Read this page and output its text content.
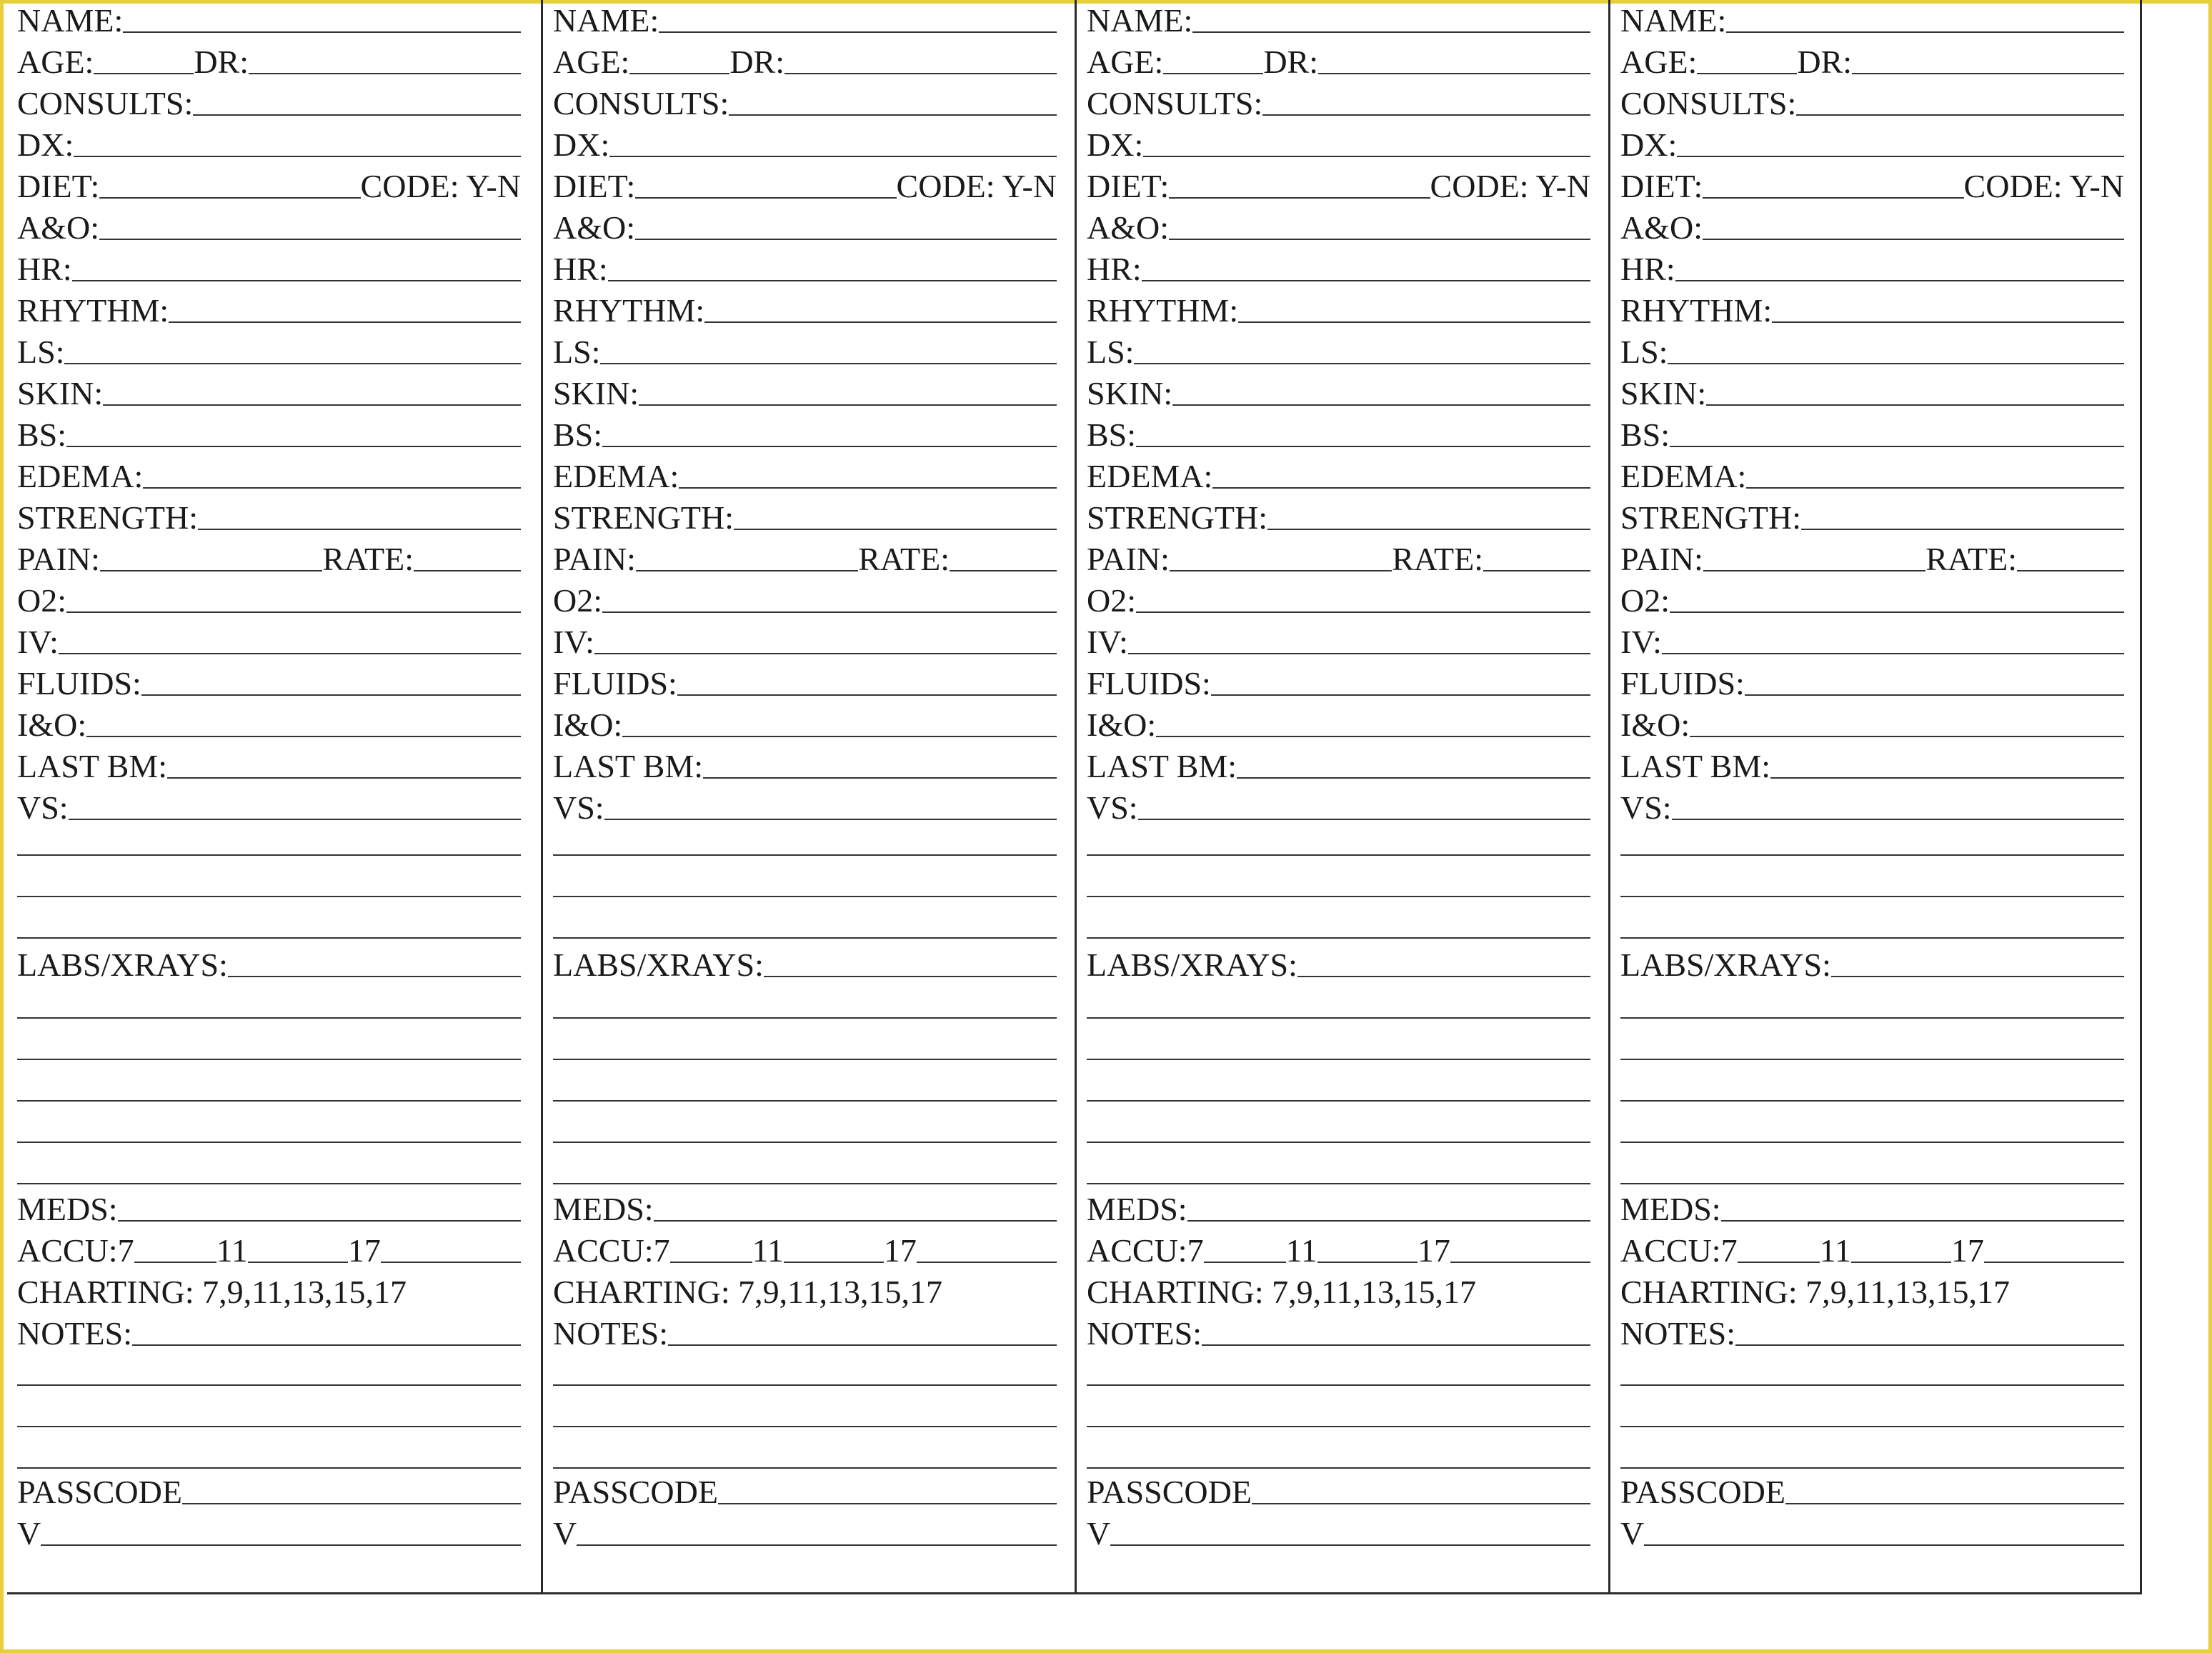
NAME:
AGE:	DR:
CONSULTS:
DX:
DIET:	CODE: Y-N
A&O:
HR:
RHYTHM:
LS:
SKIN:
BS:
EDEMA:
STRENGTH:
PAIN:	RATE:
O2:
IV:
FLUIDS:
I&O:
LAST BM:
VS:
LABS/XRAYS:
MEDS:
ACCU:7	11	17
CHARTING: 7,9,11,13,15,17
NOTES:
PASSCODE
V
NAME:
AGE:	DR:
CONSULTS:
DX:
DIET:	CODE: Y-N
A&O:
HR:
RHYTHM:
LS:
SKIN:
BS:
EDEMA:
STRENGTH:
PAIN:	RATE:
O2:
IV:
FLUIDS:
I&O:
LAST BM:
VS:
LABS/XRAYS:
MEDS:
ACCU:7	11	17
CHARTING: 7,9,11,13,15,17
NOTES:
PASSCODE
V
NAME:
AGE:	DR:
CONSULTS:
DX:
DIET:	CODE: Y-N
A&O:
HR:
RHYTHM:
LS:
SKIN:
BS:
EDEMA:
STRENGTH:
PAIN:	RATE:
O2:
IV:
FLUIDS:
I&O:
LAST BM:
VS:
LABS/XRAYS:
MEDS:
ACCU:7	11	17
CHARTING: 7,9,11,13,15,17
NOTES:
PASSCODE
V
NAME:
AGE:	DR:
CONSULTS:
DX:
DIET:	CODE: Y-N
A&O:
HR:
RHYTHM:
LS:
SKIN:
BS:
EDEMA:
STRENGTH:
PAIN:	RATE:
O2:
IV:
FLUIDS:
I&O:
LAST BM:
VS:
LABS/XRAYS:
MEDS:
ACCU:7	11	17
CHARTING: 7,9,11,13,15,17
NOTES:
PASSCODE
V
